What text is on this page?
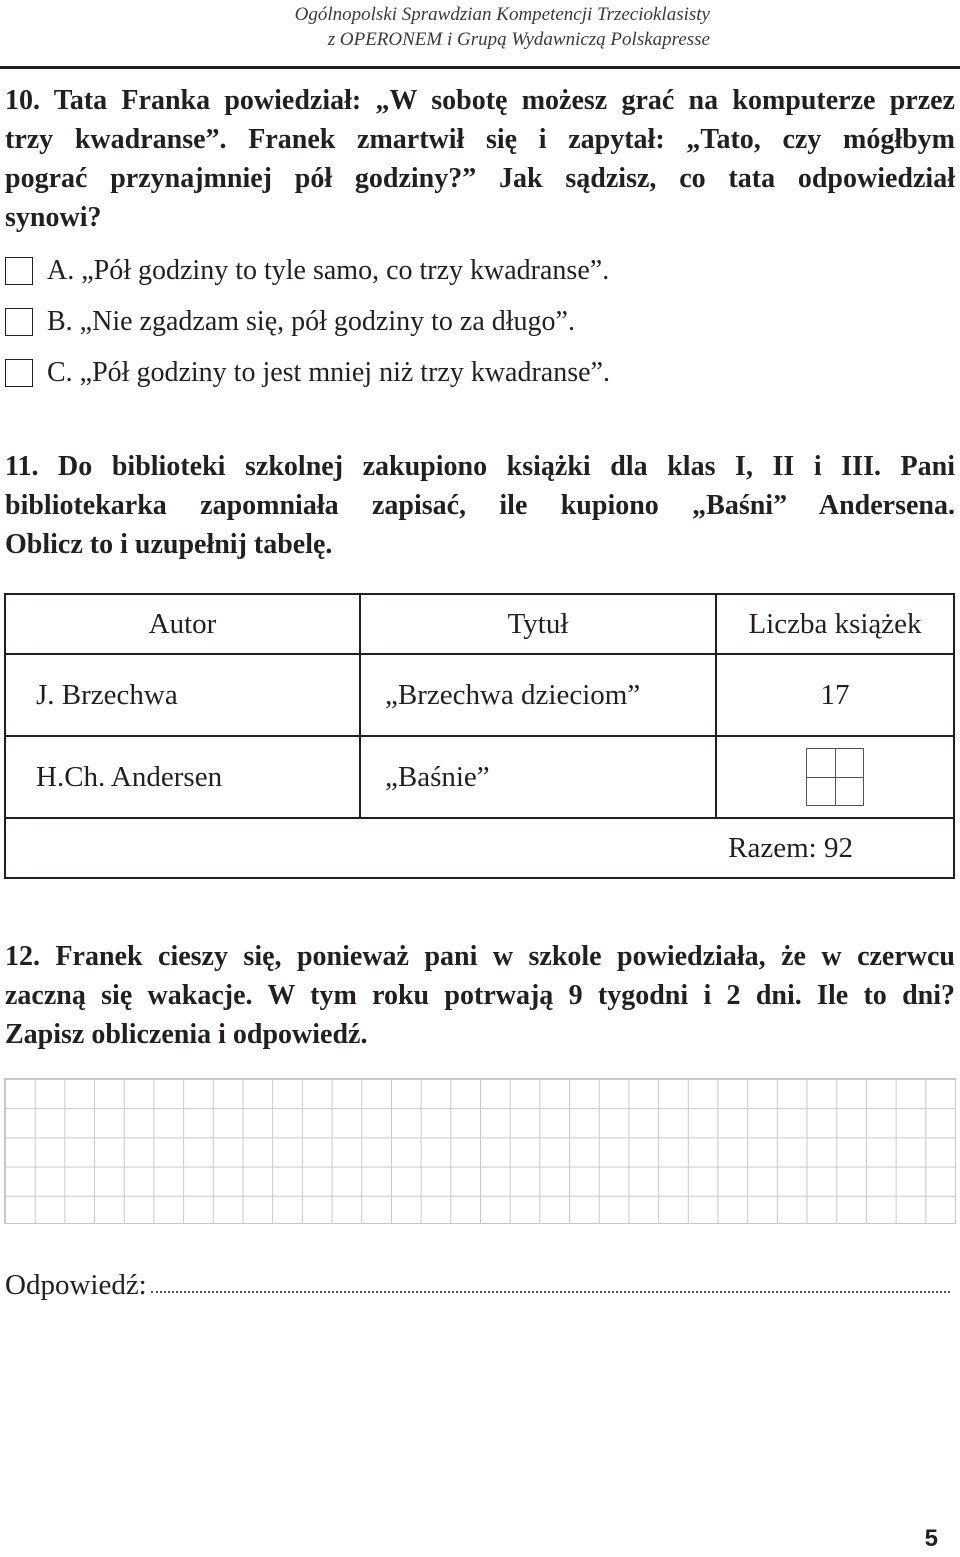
Ogólnopolski Sprawdzian Kompetencji Trzecioklasisty
z OPERONEM i Grupą Wydawniczą Polskapresse
10. Tata Franka powiedział: „W sobotę możesz grać na komputerze przez
trzy kwadranse”. Franek zmartwił się i zapytał: „Tato, czy mógłbym
pograć przynajmniej pół godziny?” Jak sądzisz, co tata odpowiedział
synowi?
A. „Pół godziny to tyle samo, co trzy kwadranse”.
B. „Nie zgadzam się, pół godziny to za długo”.
C. „Pół godziny to jest mniej niż trzy kwadranse”.
11. Do biblioteki szkolnej zakupiono książki dla klas I, II i III. Pani
bibliotekarka zapomniała zapisać, ile kupiono „Baśni” Andersena.
Oblicz to i uzupełnij tabelę.
Autor	Tytuł	Liczba książek
J. Brzechwa	„Brzechwa dzieciom”	17
H.Ch. Andersen	„Baśnie”	

Razem: 92		
12. Franek cieszy się, ponieważ pani w szkole powiedziała, że w czerwcu
zaczną się wakacje. W tym roku potrwają 9 tygodni i 2 dni. Ile to dni?
Zapisz obliczenia i odpowiedź.
Odpowiedź:
5
